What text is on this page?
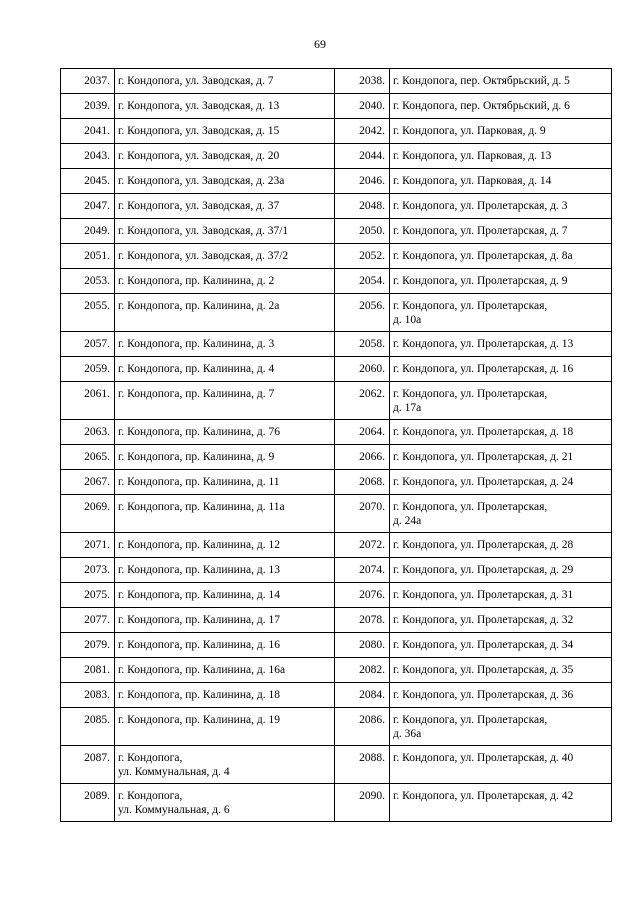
69
2037.	г. Кондопога, ул. Заводская, д. 7	2038.	г. Кондопога, пер. Октябрьский, д. 5
2039.	г. Кондопога, ул. Заводская, д. 13	2040.	г. Кондопога, пер. Октябрьский, д. 6
2041.	г. Кондопога, ул. Заводская, д. 15	2042.	г. Кондопога, ул. Парковая, д. 9
2043.	г. Кондопога, ул. Заводская, д. 20	2044.	г. Кондопога, ул. Парковая, д. 13
2045.	г. Кондопога, ул. Заводская, д. 23а	2046.	г. Кондопога, ул. Парковая, д. 14
2047.	г. Кондопога, ул. Заводская, д. 37	2048.	г. Кондопога, ул. Пролетарская, д. 3
2049.	г. Кондопога, ул. Заводская, д. 37/1	2050.	г. Кондопога, ул. Пролетарская, д. 7
2051.	г. Кондопога, ул. Заводская, д. 37/2	2052.	г. Кондопога, ул. Пролетарская, д. 8а
2053.	г. Кондопога, пр. Калинина, д. 2	2054.	г. Кондопога, ул. Пролетарская, д. 9
2055.	г. Кондопога, пр. Калинина, д. 2а	2056.	г. Кондопога, ул. Пролетарская,
д. 10а
2057.	г. Кондопога, пр. Калинина, д. 3	2058.	г. Кондопога, ул. Пролетарская, д. 13
2059.	г. Кондопога, пр. Калинина, д. 4	2060.	г. Кондопога, ул. Пролетарская, д. 16
2061.	г. Кондопога, пр. Калинина, д. 7	2062.	г. Кондопога, ул. Пролетарская,
д. 17а
2063.	г. Кондопога, пр. Калинина, д. 76	2064.	г. Кондопога, ул. Пролетарская, д. 18
2065.	г. Кондопога, пр. Калинина, д. 9	2066.	г. Кондопога, ул. Пролетарская, д. 21
2067.	г. Кондопога, пр. Калинина, д. 11	2068.	г. Кондопога, ул. Пролетарская, д. 24
2069.	г. Кондопога, пр. Калинина, д. 11а	2070.	г. Кондопога, ул. Пролетарская,
д. 24а
2071.	г. Кондопога, пр. Калинина, д. 12	2072.	г. Кондопога, ул. Пролетарская, д. 28
2073.	г. Кондопога, пр. Калинина, д. 13	2074.	г. Кондопога, ул. Пролетарская, д. 29
2075.	г. Кондопога, пр. Калинина, д. 14	2076.	г. Кондопога, ул. Пролетарская, д. 31
2077.	г. Кондопога, пр. Калинина, д. 17	2078.	г. Кондопога, ул. Пролетарская, д. 32
2079.	г. Кондопога, пр. Калинина, д. 16	2080.	г. Кондопога, ул. Пролетарская, д. 34
2081.	г. Кондопога, пр. Калинина, д. 16а	2082.	г. Кондопога, ул. Пролетарская, д. 35
2083.	г. Кондопога, пр. Калинина, д. 18	2084.	г. Кондопога, ул. Пролетарская, д. 36
2085.	г. Кондопога, пр. Калинина, д. 19	2086.	г. Кондопога, ул. Пролетарская,
д. 36а
2087.	г. Кондопога,
ул. Коммунальная, д. 4	2088.	г. Кондопога, ул. Пролетарская, д. 40
2089.	г. Кондопога,
ул. Коммунальная, д. 6	2090.	г. Кондопога, ул. Пролетарская, д. 42
